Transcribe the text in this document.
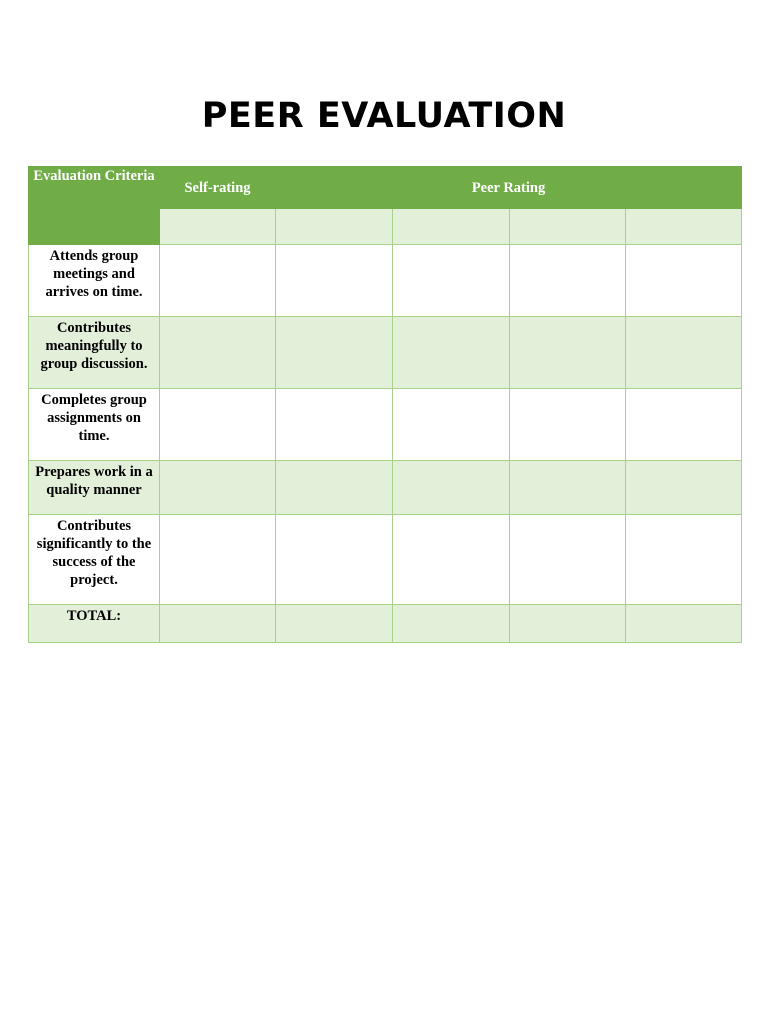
PEER EVALUATION
Evaluation Criteria	Self-rating	Peer Rating			

Attends group meetings and arrives on time.					
Contributes meaningfully to group discussion.					
Completes group assignments on time.					
Prepares work in a quality manner					
Contributes significantly to the success of the project.					
TOTAL:					
